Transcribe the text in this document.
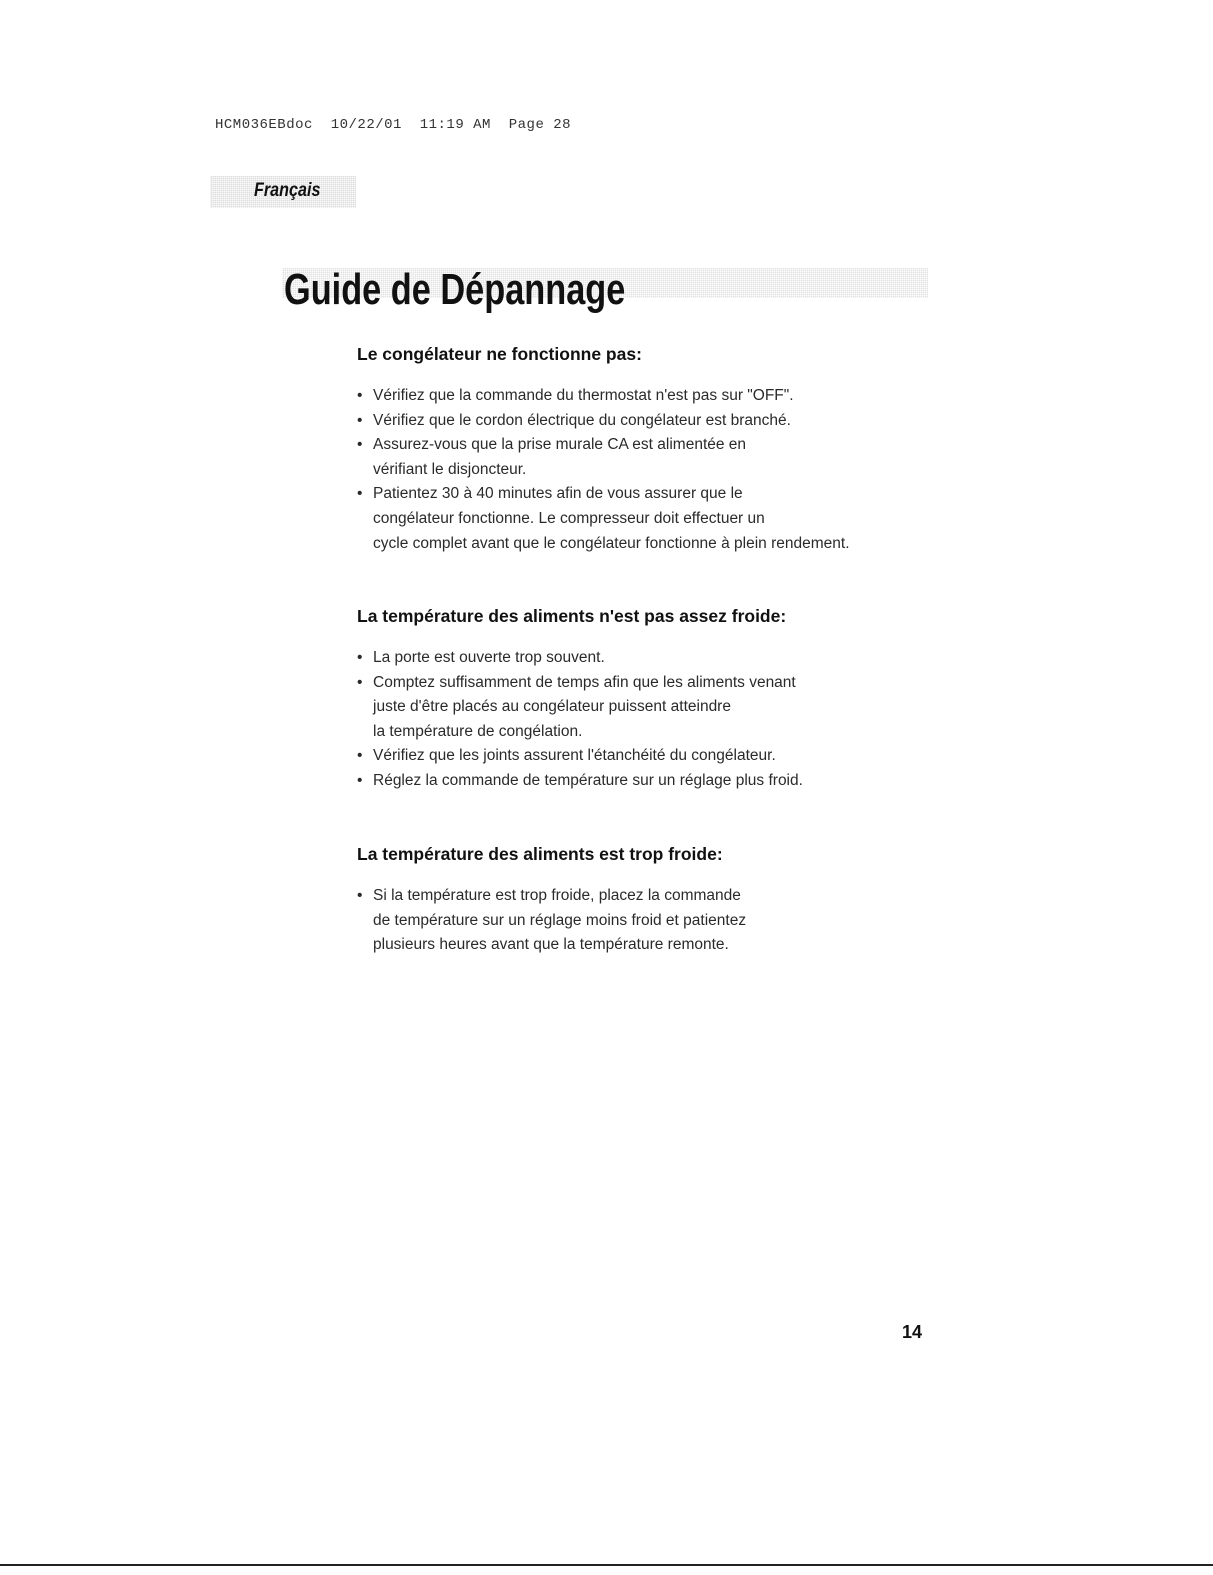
HCM036EBdoc  10/22/01  11:19 AM  Page 28
Français
Guide de Dépannage
Le congélateur ne fonctionne pas:
• Vérifiez que la commande du thermostat n'est pas sur "OFF".
• Vérifiez que le cordon électrique du congélateur est branché.
• Assurez-vous que la prise murale CA est alimentée en
vérifiant le disjoncteur.
• Patientez 30 à 40 minutes afin de vous assurer que le
congélateur fonctionne. Le compresseur doit effectuer un
cycle complet avant que le congélateur fonctionne à plein rendement.
La température des aliments n'est pas assez froide:
• La porte est ouverte trop souvent.
• Comptez suffisamment de temps afin que les aliments venant
juste d'être placés au congélateur puissent atteindre
la température de congélation.
• Vérifiez que les joints assurent l'étanchéité du congélateur.
• Réglez la commande de température sur un réglage plus froid.
La température des aliments est trop froide:
• Si la température est trop froide, placez la commande
de température sur un réglage moins froid et patientez
plusieurs heures avant que la température remonte.
14
